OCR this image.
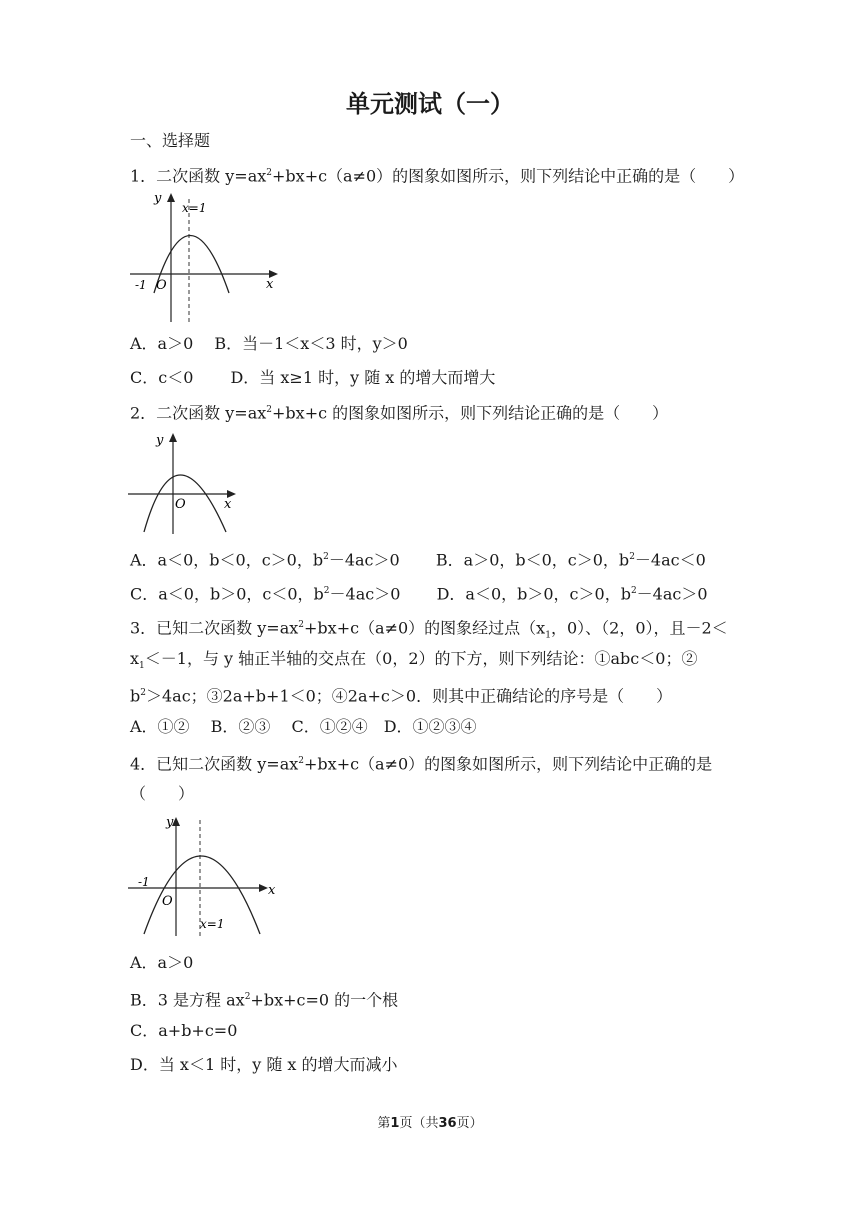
单元测试（一）
一、选择题
1．二次函数 $y=ax^2+bx+c(a\ne 0)$的图象如图所示，则下列结论中正确的是（　　）
x
y
x=1
O
-1
A．a＞0　 B．当－1＜x＜3 时，y＞0
C．c＜0　 　D．当 x≥1 时，y 随 x 的增大而增大
2．二次函数 $y=ax^2+bx+c$ 的图象如图所示，则下列结论正确的是（　　）
x
y
O
A．a＜0，b＜0，c＞0，$b^2-4ac>0$ B．a＞0，b＜0，c＞0，$b^2-4ac<0$
C．a＜0，b＞0，c＜0，$b^2-4ac>0$ D．a＜0，b＞0，c＞0，$b^2-4ac>0$
3．已知二次函数 $y=ax^2+bx+c(a\ne 0)$的图象经过点（$x_1$，0）、（2，0），且－2＜
$x_1<-1$，与 y 轴正半轴的交点在（0，2）的下方，则下列结论：①abc＜0；②
$b^2>4ac$；③2a+b+1＜0；④2a+c＞0．则其中正确结论的序号是（　　）
A．①②　 B．②③　 C．①②④　D．①②③④
4．已知二次函数 $y=ax^2+bx+c(a\ne 0)$的图象如图所示，则下列结论中正确的是
（　　）
x
y
x=1
O
-1
A．a＞0
B．3 是方程 $ax^2+bx+c=0$ 的一个根
C．a+b+c=0
D．当 x＜1 时，y 随 x 的增大而减小
第1页（共36页）
